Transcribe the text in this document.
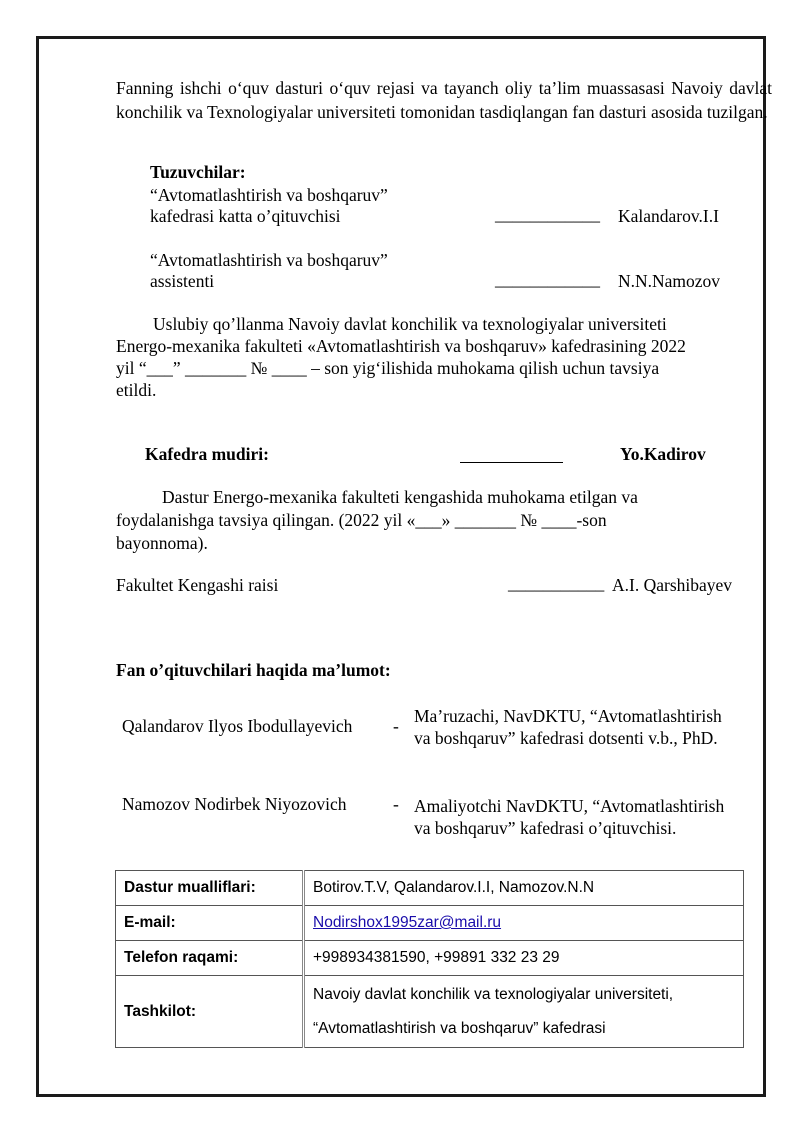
Fanning ishchi o‘quv dasturi o‘quv rejasi va tayanch oliy ta’lim muassasasi Navoiy davlat konchilik va Texnologiyalar universiteti tomonidan tasdiqlangan fan dasturi asosida tuzilgan.
Tuzuvchilar:
“Avtomatlashtirish va boshqaruv”
kafedrasi katta o’qituvchisi	____________ Kalandarov.I.I
“Avtomatlashtirish va boshqaruv”
assistenti	____________ N.N.Namozov
Uslubiy qo’llanma Navoiy davlat konchilik va texnologiyalar universiteti
Energo-mexanika fakulteti «Avtomatlashtirish va boshqaruv» kafedrasining 2022
yil “___” _______ № ____ – son yig‘ilishida muhokama qilish uchun tavsiya
etildi.
Kafedra mudiri:	Yo.Kadirov
Dastur Energo-mexanika fakulteti kengashida muhokama etilgan va
foydalanishga tavsiya qilingan. (2022 yil «___» _______ № ____-son
bayonnoma).
Fakultet Kengashi raisi	___________ A.I. Qarshibayev
Fan o’qituvchilari haqida ma’lumot:
Qalandarov Ilyos Ibodullayevich - Ma’ruzachi, NavDKTU, “Avtomatlashtirish
va boshqaruv” kafedrasi dotsenti v.b., PhD.
Namozov Nodirbek Niyozovich	- Amaliyotchi NavDKTU, “Avtomatlashtirish
va boshqaruv” kafedrasi o’qituvchisi.
Dastur mualliflari:	Botirov.T.V, Qalandarov.I.I, Namozov.N.N
E-mail:	Nodirshox1995zar@mail.ru
Telefon raqami:	+998934381590, +99891 332 23 29
Tashkilot:	Navoiy davlat konchilik va texnologiyalar universiteti,
“Avtomatlashtirish va boshqaruv” kafedrasi
